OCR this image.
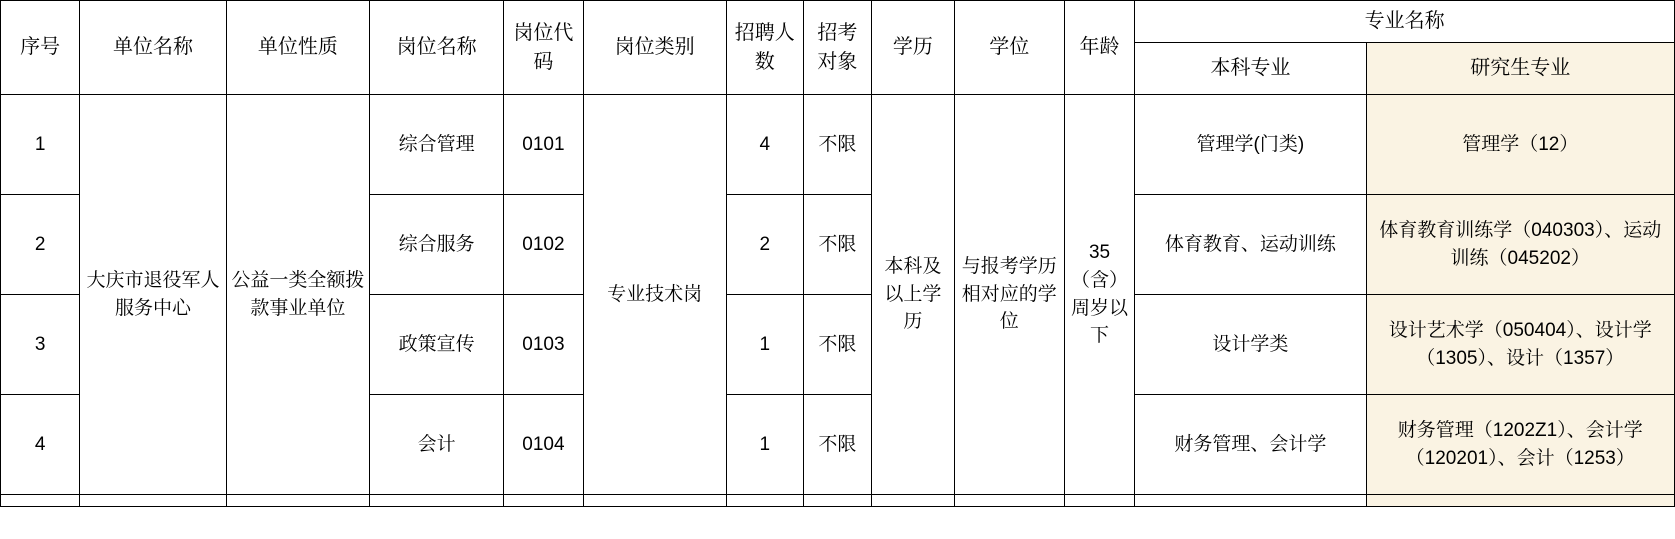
序号	单位名称	单位性质	岗位名称	岗位代码	岗位类别	招聘人数	招考对象	学历	学位	年龄	专业名称	
											本科专业	研究生专业
1	大庆市退役军人服务中心	公益一类全额拨款事业单位	综合管理	0101	专业技术岗	4	不限	本科及以上学历	与报考学历相对应的学位	35（含）周岁以下	管理学(门类)	管理学（12）
2			综合服务	0102		2	不限				体育教育、运动训练	体育教育训练学（040303）、运动训练（045202）
3			政策宣传	0103		1	不限				设计学类	设计艺术学（050404）、设计学（1305）、设计（1357）
4			会计	0104		1	不限				财务管理、会计学	财务管理（1202Z1）、会计学（120201）、会计（1253）
